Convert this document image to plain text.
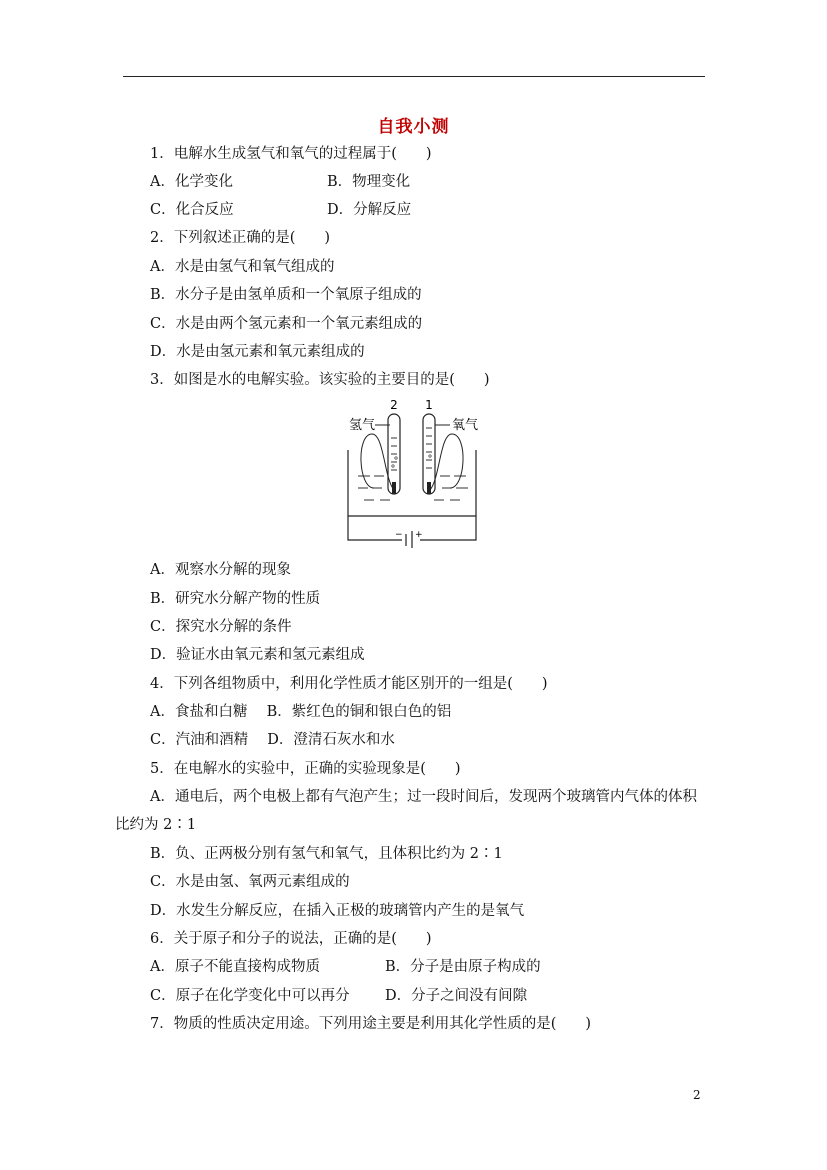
自我小测
1．电解水生成氢气和氧气的过程属于(　　)
A．化学变化	B．物理变化
C．化合反应	D．分解反应
2．下列叙述正确的是(　　)
A．水是由氢气和氧气组成的
B．水分子是由氢单质和一个氧原子组成的
C．水是由两个氢元素和一个氧元素组成的
D．水是由氢元素和氧元素组成的
3．如图是水的电解实验。该实验的主要目的是(　　)
2 1
氢气	氧气
− +
A．观察水分解的现象
B．研究水分解产物的性质
C．探究水分解的条件
D．验证水由氧元素和氢元素组成
4．下列各组物质中，利用化学性质才能区别开的一组是(　　)
A．食盐和白糖　 B．紫红色的铜和银白色的铝
C．汽油和酒精　 D．澄清石灰水和水
5．在电解水的实验中，正确的实验现象是(　　)
A．通电后，两个电极上都有气泡产生；过一段时间后，发现两个玻璃管内气体的体积
比约为 2∶1
B．负、正两极分别有氢气和氧气，且体积比约为 2∶1
C．水是由氢、氧两元素组成的
D．水发生分解反应，在插入正极的玻璃管内产生的是氧气
6．关于原子和分子的说法，正确的是(　　)
A．原子不能直接构成物质	B．分子是由原子构成的
C．原子在化学变化中可以再分 D．分子之间没有间隙
7．物质的性质决定用途。下列用途主要是利用其化学性质的是(　　)
2
